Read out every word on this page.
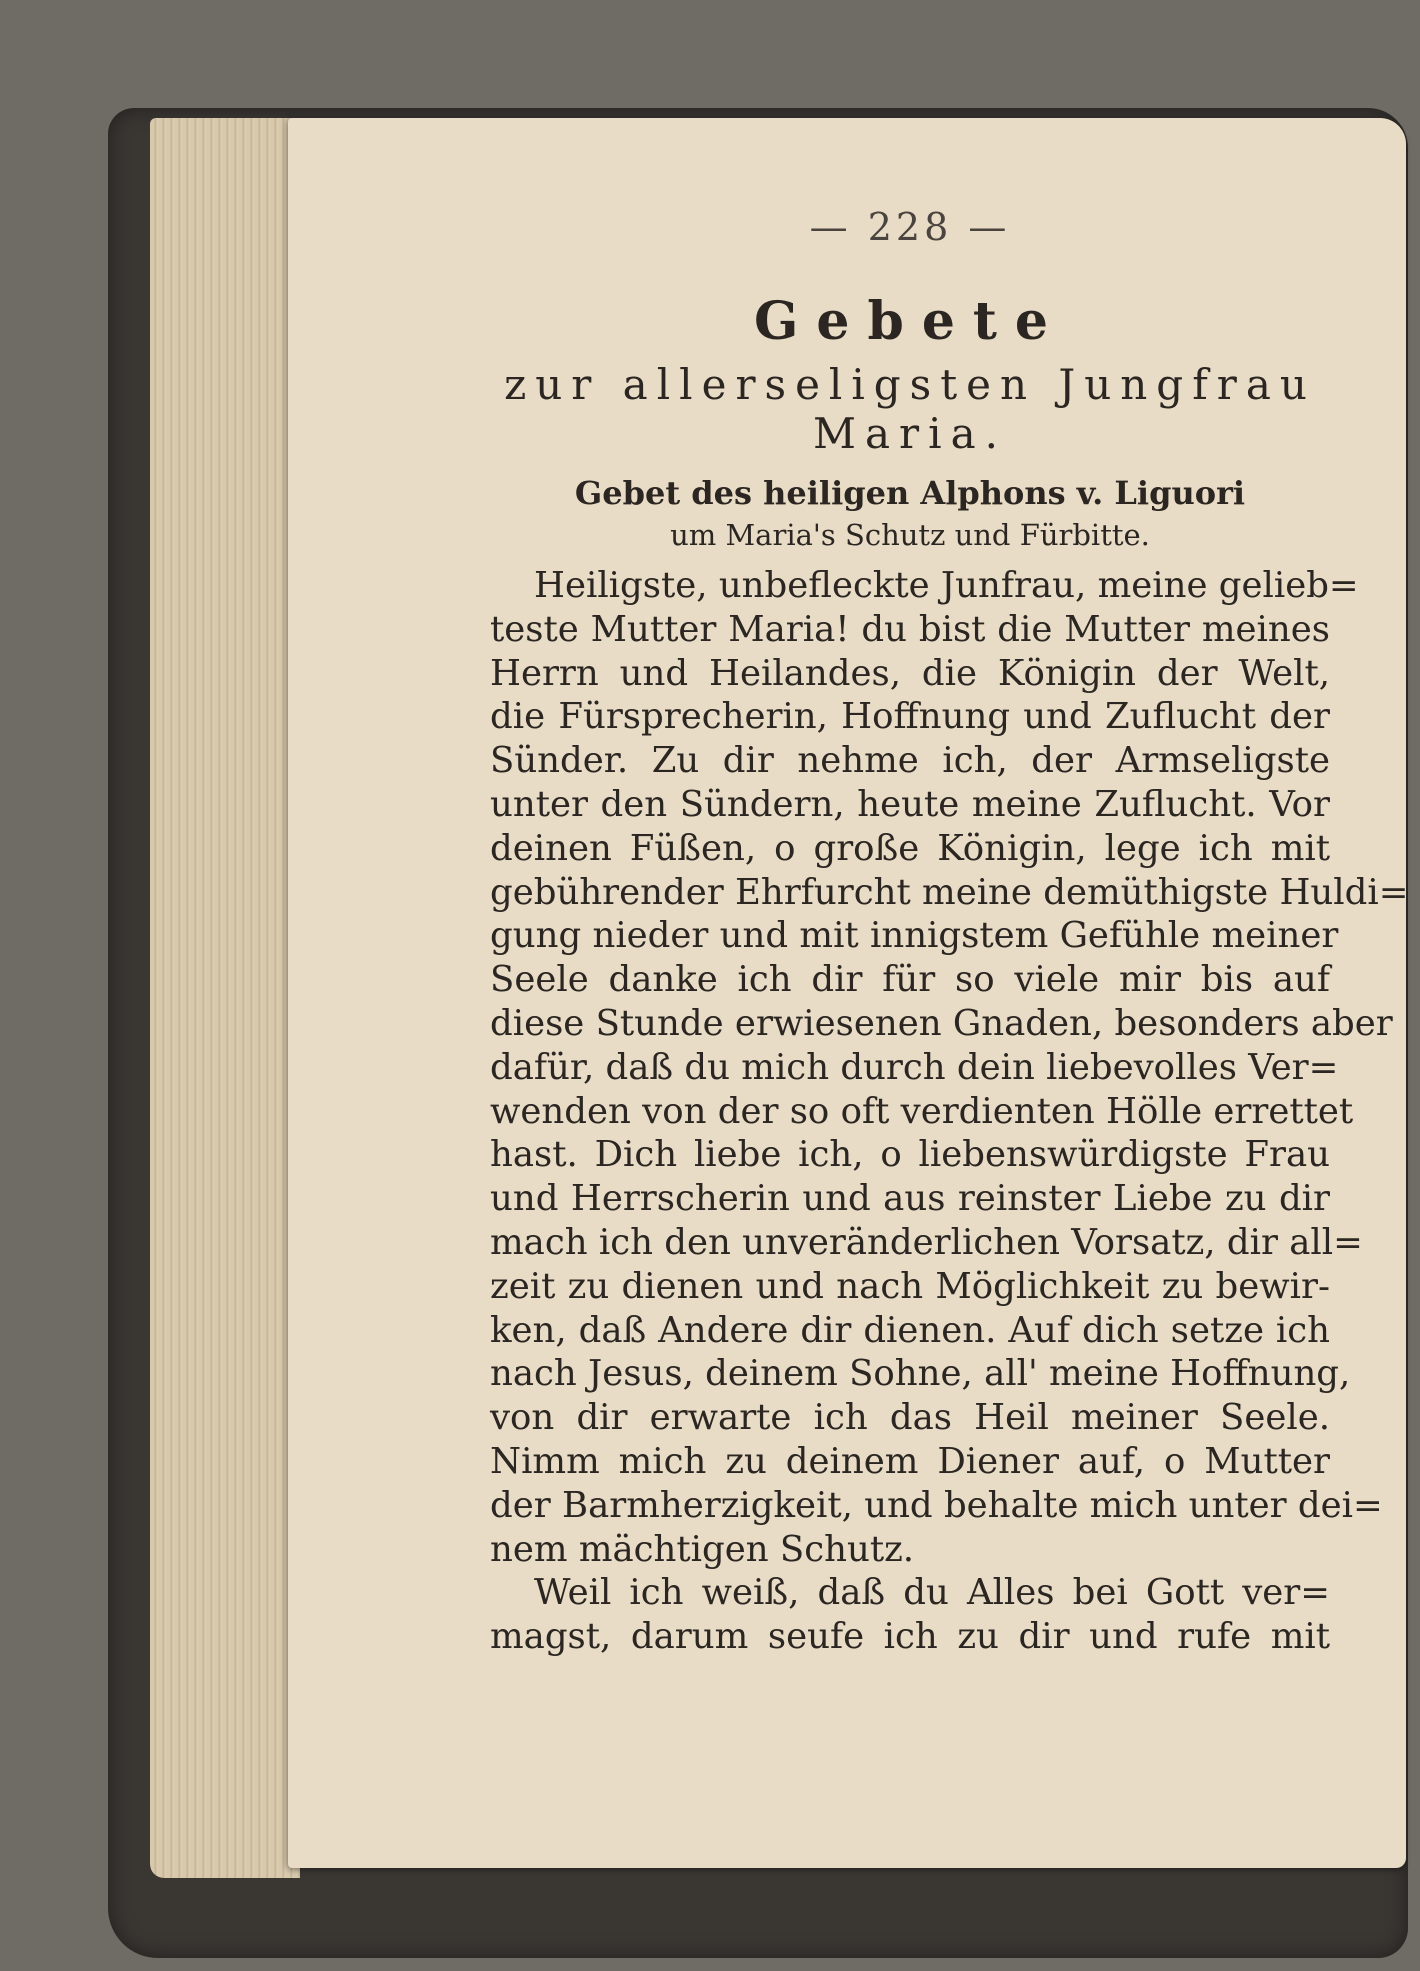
— 228 —
Gebete
zur allerseligsten Jungfrau Maria.
Gebet des heiligen Alphons v. Liguori
um Maria's Schutz und Fürbitte.
Heiligste, unbefleckte Junfrau, meine gelieb=
teste Mutter Maria! du bist die Mutter meines
Herrn und Heilandes, die Königin der Welt,
die Fürsprecherin, Hoffnung und Zuflucht der
Sünder. Zu dir nehme ich, der Armseligste
unter den Sündern, heute meine Zuflucht. Vor
deinen Füßen, o große Königin, lege ich mit
gebührender Ehrfurcht meine demüthigste Huldi=
gung nieder und mit innigstem Gefühle meiner
Seele danke ich dir für so viele mir bis auf
diese Stunde erwiesenen Gnaden, besonders aber
dafür, daß du mich durch dein liebevolles Ver=
wenden von der so oft verdienten Hölle errettet
hast. Dich liebe ich, o liebenswürdigste Frau
und Herrscherin und aus reinster Liebe zu dir
mach ich den unveränderlichen Vorsatz, dir all=
zeit zu dienen und nach Möglichkeit zu bewir-
ken, daß Andere dir dienen. Auf dich setze ich
nach Jesus, deinem Sohne, all' meine Hoffnung,
von dir erwarte ich das Heil meiner Seele.
Nimm mich zu deinem Diener auf, o Mutter
der Barmherzigkeit, und behalte mich unter dei=
nem mächtigen Schutz.
Weil ich weiß, daß du Alles bei Gott ver=
magst, darum seufe ich zu dir und rufe mit
